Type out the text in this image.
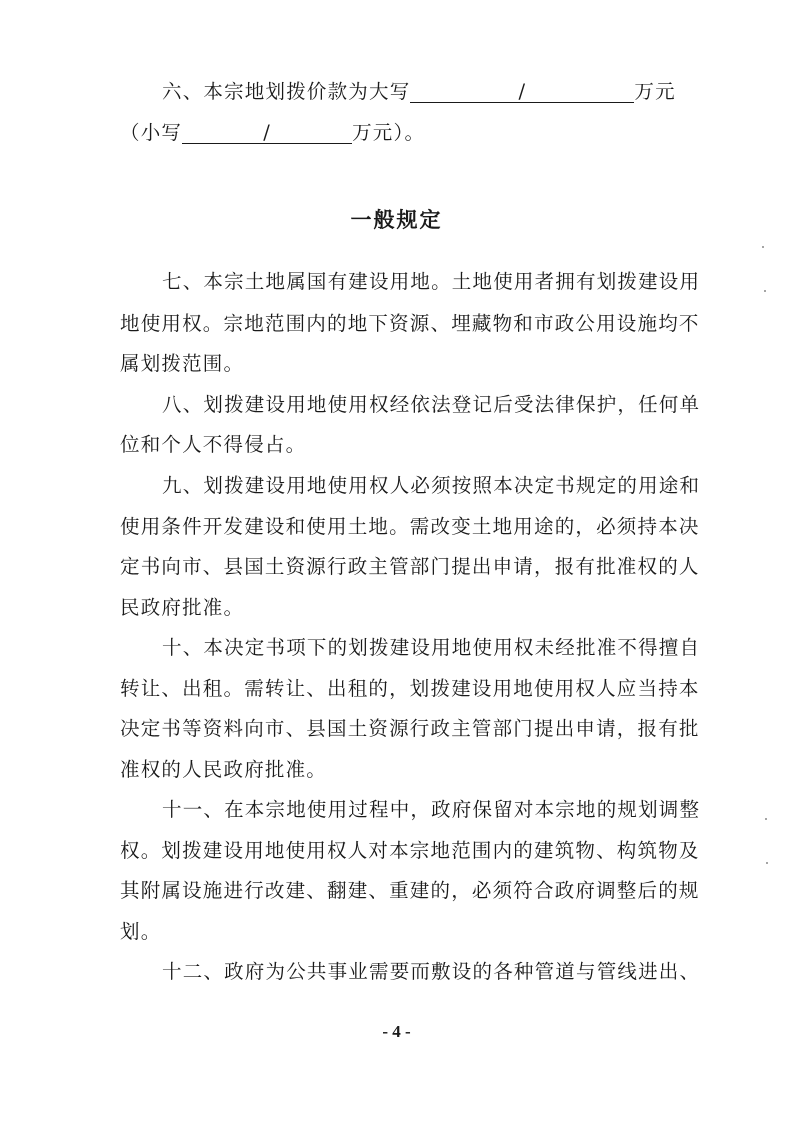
六、本宗地划拨价款为大写	/	万元
（小写	/	万元）。
一般规定
七、本宗土地属国有建设用地。土地使用者拥有划拨建设用
地使用权。宗地范围内的地下资源、埋藏物和市政公用设施均不
属划拨范围。
八、划拨建设用地使用权经依法登记后受法律保护，任何单
位和个人不得侵占。
九、划拨建设用地使用权人必须按照本决定书规定的用途和
使用条件开发建设和使用土地。需改变土地用途的，必须持本决
定书向市、县国土资源行政主管部门提出申请，报有批准权的人
民政府批准。
十、本决定书项下的划拨建设用地使用权未经批准不得擅自
转让、出租。需转让、出租的，划拨建设用地使用权人应当持本
决定书等资料向市、县国土资源行政主管部门提出申请，报有批
准权的人民政府批准。
十一、在本宗地使用过程中，政府保留对本宗地的规划调整
权。划拨建设用地使用权人对本宗地范围内的建筑物、构筑物及
其附属设施进行改建、翻建、重建的，必须符合政府调整后的规
划。
十二、政府为公共事业需要而敷设的各种管道与管线进出、
- 4 -
